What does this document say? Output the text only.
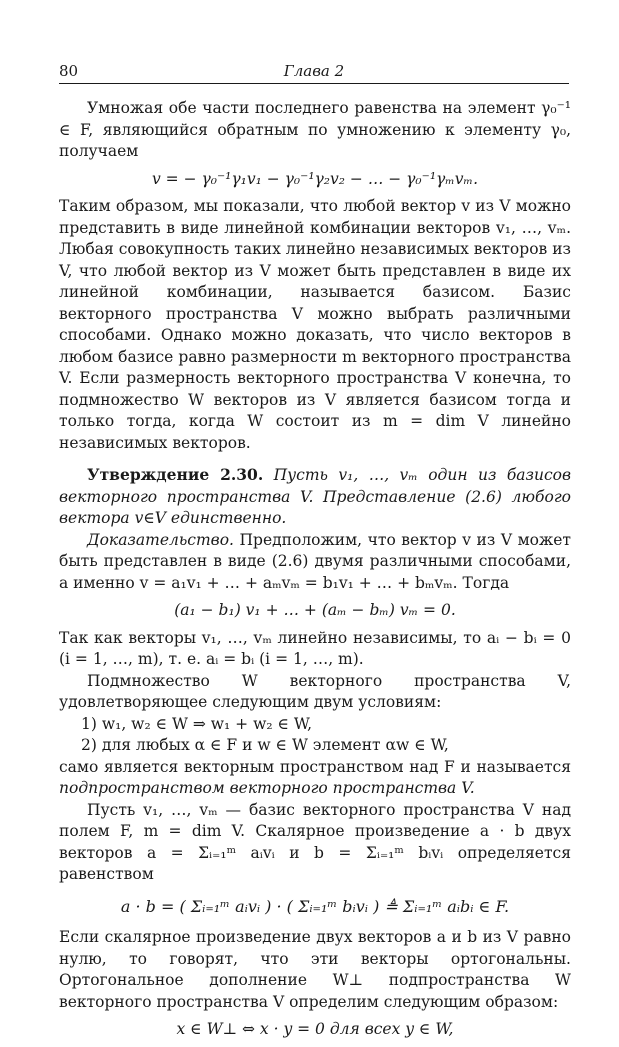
80	Глава 2

Умножая обе части последнего равенства на элемент γ₀⁻¹ ∈ F, являющийся обратным по умножению к элементу γ₀, получаем

v = − γ₀⁻¹γ₁v₁ − γ₀⁻¹γ₂v₂ − … − γ₀⁻¹γₘvₘ.

Таким образом, мы показали, что любой вектор v из V можно представить в виде линейной комбинации векторов v₁, …, vₘ. Любая совокупность таких линейно независимых векторов из V, что любой вектор из V может быть представлен в виде их линейной комбинации, называется базисом. Базис векторного пространства V можно выбрать различными способами. Однако можно доказать, что число векторов в любом базисе равно размерности m векторного пространства V. Если размерность векторного пространства V конечна, то подмножество W векторов из V является базисом тогда и только тогда, когда W состоит из m = dim V линейно независимых векторов.

Утверждение 2.30. Пусть v₁, …, vₘ один из базисов векторного пространства V. Представление (2.6) любого вектора v∈V единственно.

Доказательство. Предположим, что вектор v из V может быть представлен в виде (2.6) двумя различными способами, а именно v = a₁v₁ + … + aₘvₘ = b₁v₁ + … + bₘvₘ. Тогда

(a₁ − b₁) v₁ + … + (aₘ − bₘ) vₘ = 0.

Так как векторы v₁, …, vₘ линейно независимы, то aᵢ − bᵢ = 0 (i = 1, …, m), т. е. aᵢ = bᵢ (i = 1, …, m).

Подмножество W векторного пространства V, удовлетворяющее следующим двум условиям:

1) w₁, w₂ ∈ W ⇒ w₁ + w₂ ∈ W,

2) для любых α ∈ F и w ∈ W элемент αw ∈ W,

само является векторным пространством над F и называется подпространством векторного пространства V.

Пусть v₁, …, vₘ — базис векторного пространства V над полем F, m = dim V. Скалярное произведение a · b двух векторов a = Σᵢ₌₁ᵐ aᵢvᵢ и b = Σᵢ₌₁ᵐ bᵢvᵢ определяется равенством

a · b = ( Σᵢ₌₁ᵐ aᵢvᵢ ) · ( Σᵢ₌₁ᵐ bᵢvᵢ ) ≜ Σᵢ₌₁ᵐ aᵢbᵢ ∈ F.

Если скалярное произведение двух векторов a и b из V равно нулю, то говорят, что эти векторы ортогональны. Ортогональное дополнение W⊥ подпространства W векторного пространства V определим следующим образом:

x ∈ W⊥ ⇔ x · y = 0 для всех y ∈ W,
